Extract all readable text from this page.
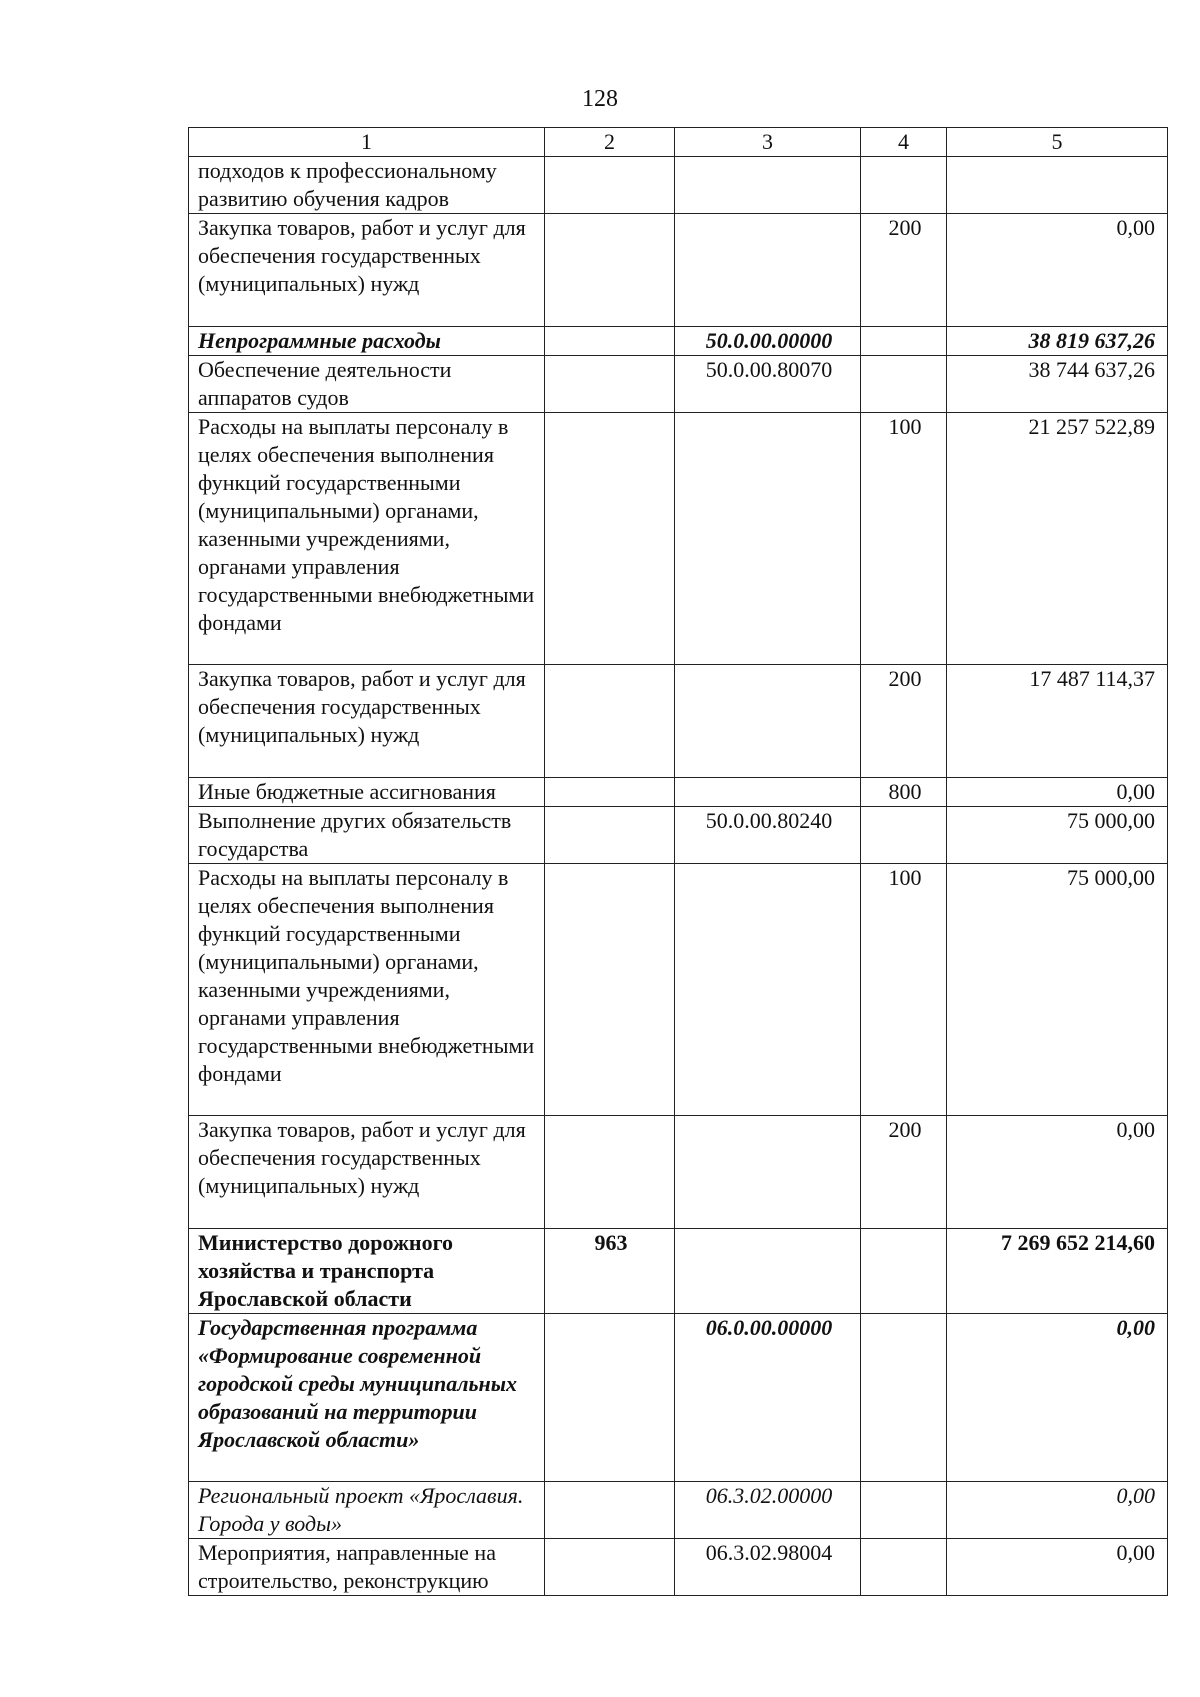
128
1	2	3	4	5
подходов к профессиональному развитию обучения кадров				
Закупка товаров, работ и услуг для обеспечения государственных (муниципальных) нужд			200	0,00
Непрограммные расходы		50.0.00.00000		38 819 637,26
Обеспечение деятельности аппаратов судов		50.0.00.80070		38 744 637,26
Расходы на выплаты персоналу в целях обеспечения выполнения функций государственными (муниципальными) органами, казенными учреждениями, органами управления государственными внебюджетными фондами			100	21 257 522,89
Закупка товаров, работ и услуг для обеспечения государственных (муниципальных) нужд			200	17 487 114,37
Иные бюджетные ассигнования			800	0,00
Выполнение других обязательств государства		50.0.00.80240		75 000,00
Расходы на выплаты персоналу в целях обеспечения выполнения функций государственными (муниципальными) органами, казенными учреждениями, органами управления государственными внебюджетными фондами			100	75 000,00
Закупка товаров, работ и услуг для обеспечения государственных (муниципальных) нужд			200	0,00
Министерство дорожного хозяйства и транспорта Ярославской области	963			7 269 652 214,60
Государственная программа «Формирование современной городской среды муниципальных образований на территории Ярославской области»		06.0.00.00000		0,00
Региональный проект «Ярославия. Города у воды»		06.3.02.00000		0,00
Мероприятия, направленные на строительство, реконструкцию		06.3.02.98004		0,00
